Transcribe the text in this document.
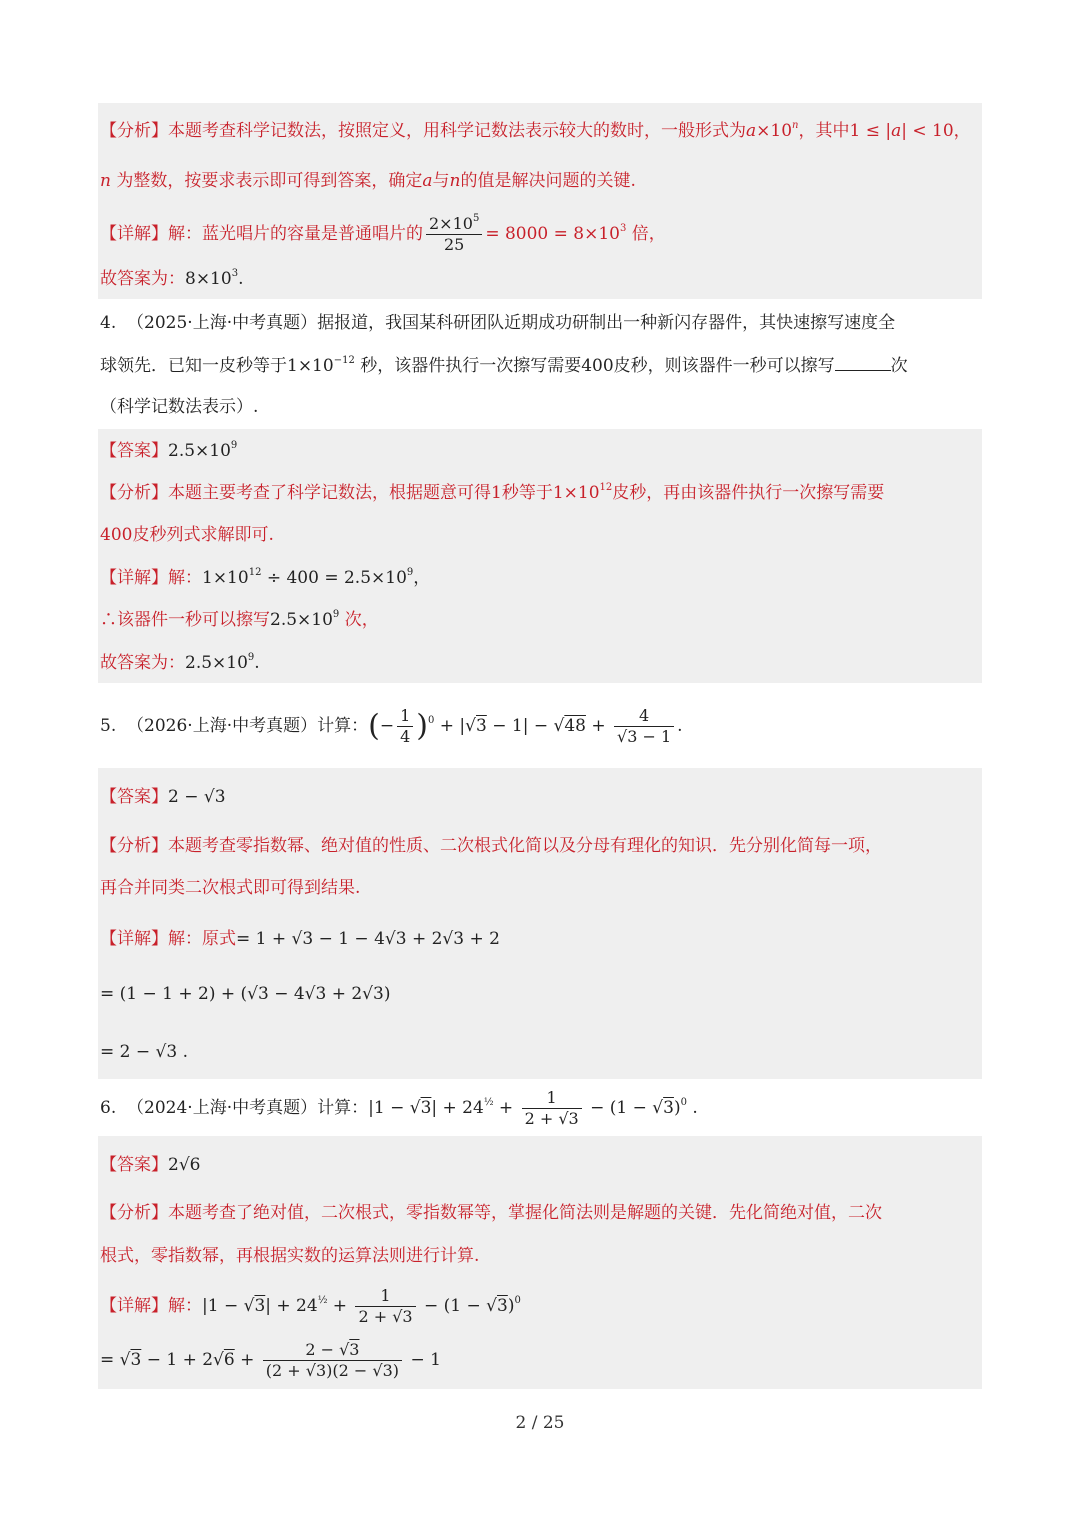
【分析】本题考查科学记数法，按照定义，用科学记数法表示较大的数时，一般形式为$a\times 10^n$，其中1 ≤ |a| < 10，
n 为整数，按要求表示即可得到答案，确定a与n的值是解决问题的关键.
【详解】解：蓝光唱片的容量是普通唱片的 $\frac{2\times 10^5}{25} = 8000 = 8\times 10^3$ 倍，
故答案为：$8\times 10^3$.
4. （2025·上海·中考真题）据报道，我国某科研团队近期成功研制出一种新闪存器件，其快速擦写速度全
球领先．已知一皮秒等于$1\times 10^{-12}$ 秒，该器件执行一次擦写需要400皮秒，则该器件一秒可以擦写	次
（科学记数法表示）.
【答案】$2.5\times 10^9$
【分析】本题主要考查了科学记数法，根据题意可得1秒等于$1\times 10^{12}$皮秒，再由该器件执行一次擦写需要
400皮秒列式求解即可.
【详解】解：$1\times 10^{12} \div 400 = 2.5\times 10^9$，
∴该器件一秒可以擦写$2.5\times 10^9$ 次，
故答案为：$2.5\times 10^9$.
5. （2026·上海·中考真题）计算：(− $\frac{1}{4} )^0 + |√3 - 1| - √48 + \frac{4}{√3 - 1}$ .
【答案】2 − √3
【分析】本题考查零指数幂、绝对值的性质、二次根式化简以及分母有理化的知识．先分别化简每一项，
再合并同类二次根式即可得到结果.
【详解】解：原式= 1 + √3 − 1 − 4√3 + 2√3 + 2
= (1 − 1 + 2) + (√3 − 4√3 + 2√3)
= 2 − √3 .
6. （2024·上海·中考真题）计算：$|1 - √3| + 24^{\frac{1}{2}} + \frac{1}{2 + √3} - (1 - √3)^0$ .
【答案】2√6
【分析】本题考查了绝对值，二次根式，零指数幂等，掌握化简法则是解题的关键．先化简绝对值，二次
根式，零指数幂，再根据实数的运算法则进行计算.
【详解】解：$|1 - √3| + 24^{\frac{1}{2}} + \frac{1}{2 + √3} - (1 - √3)^0$
= $√3 - 1 + 2√6 + \frac{2 - √3}{(2 + √3)(2 - √3)} - 1$
2 / 25
